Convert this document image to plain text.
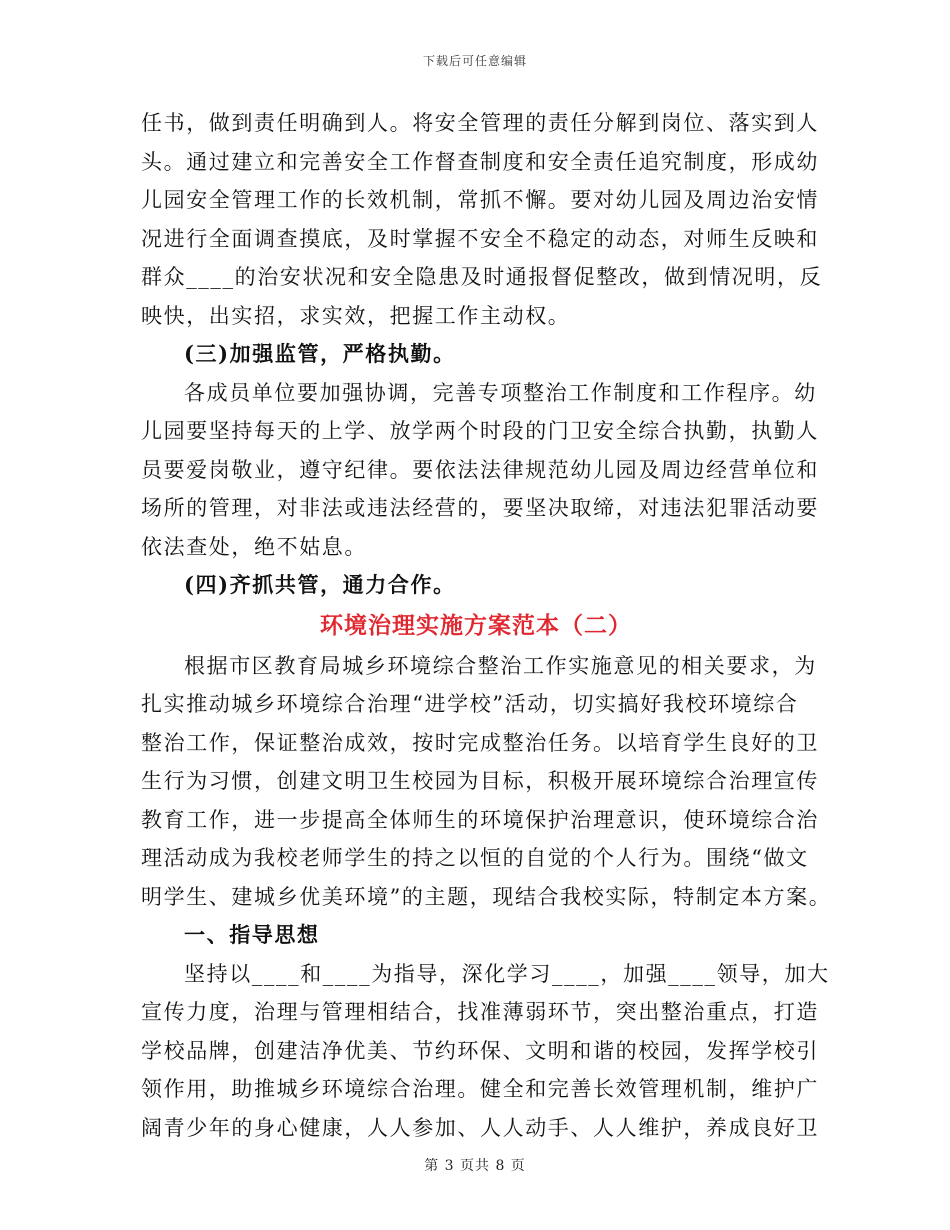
下载后可任意编辑
任书，做到责任明确到人。将安全管理的责任分解到岗位、落实到人
头。通过建立和完善安全工作督查制度和安全责任追究制度，形成幼
儿园安全管理工作的长效机制，常抓不懈。要对幼儿园及周边治安情
况进行全面调查摸底，及时掌握不安全不稳定的动态，对师生反映和
群众____的治安状况和安全隐患及时通报督促整改，做到情况明，反
映快，出实招，求实效，把握工作主动权。
(三)加强监管，严格执勤。
各成员单位要加强协调，完善专项整治工作制度和工作程序。幼
儿园要坚持每天的上学、放学两个时段的门卫安全综合执勤，执勤人
员要爱岗敬业，遵守纪律。要依法法律规范幼儿园及周边经营单位和
场所的管理，对非法或违法经营的，要坚决取缔，对违法犯罪活动要
依法查处，绝不姑息。
(四)齐抓共管，通力合作。
环境治理实施方案范本（二）
根据市区教育局城乡环境综合整治工作实施意见的相关要求，为
扎实推动城乡环境综合治理“进学校”活动，切实搞好我校环境综合
整治工作，保证整治成效，按时完成整治任务。以培育学生良好的卫
生行为习惯，创建文明卫生校园为目标，积极开展环境综合治理宣传
教育工作，进一步提高全体师生的环境保护治理意识，使环境综合治
理活动成为我校老师学生的持之以恒的自觉的个人行为。围绕“做文
明学生、建城乡优美环境”的主题，现结合我校实际，特制定本方案。
一、指导思想
坚持以____和____为指导，深化学习____，加强____领导，加大
宣传力度，治理与管理相结合，找准薄弱环节，突出整治重点，打造
学校品牌，创建洁净优美、节约环保、文明和谐的校园，发挥学校引
领作用，助推城乡环境综合治理。健全和完善长效管理机制，维护广
阔青少年的身心健康，人人参加、人人动手、人人维护，养成良好卫
第 3 页共 8 页
